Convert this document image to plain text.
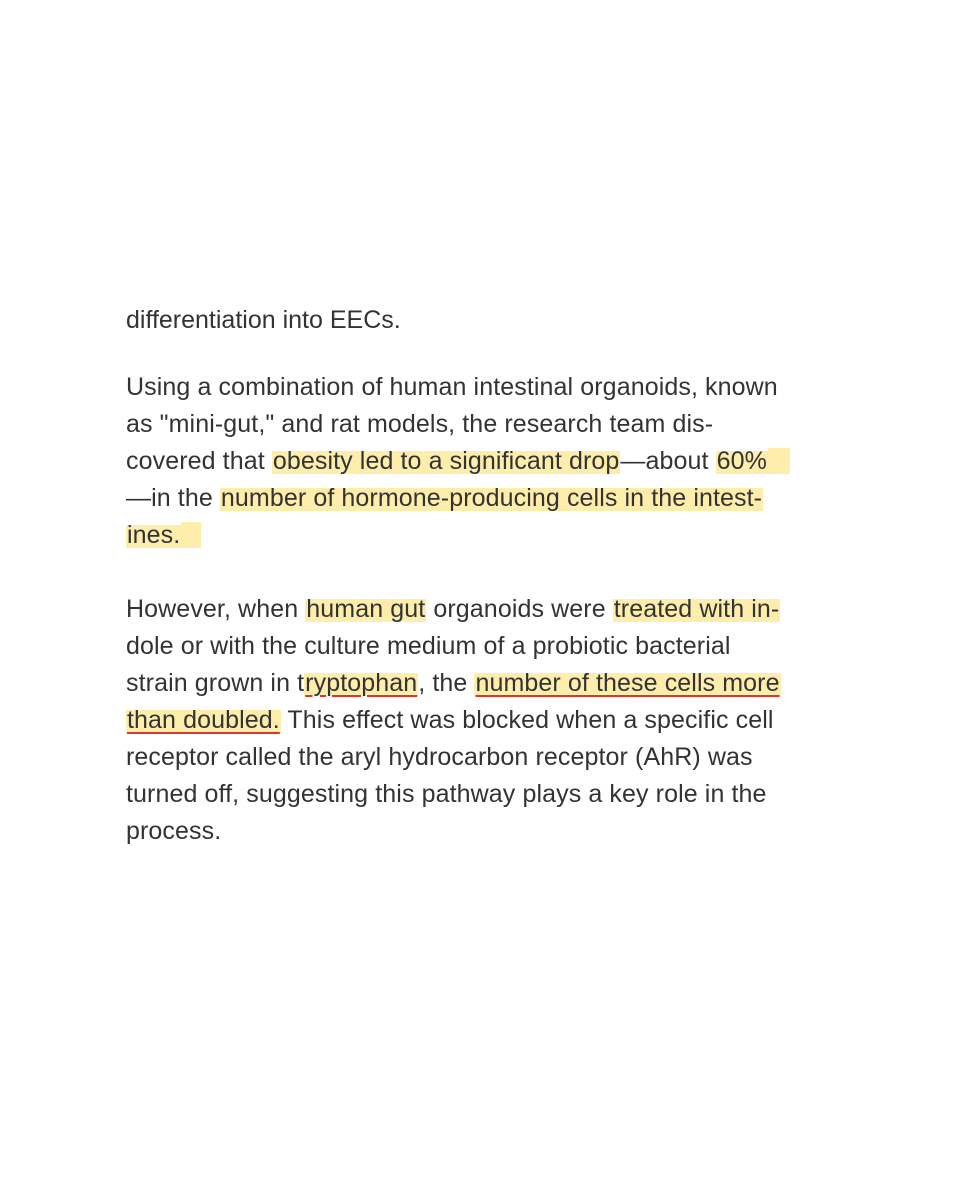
differentiation into EECs.
Using a combination of human intestinal organoids, known
as "mini-gut," and rat models, the research team dis-
covered that obesity led to a significant drop—about 60%
—in the number of hormone-producing cells in the intest-
ines.
However, when human gut organoids were treated with in-
dole or with the culture medium of a probiotic bacterial
strain grown in tryptophan, the number of these cells more
than doubled. This effect was blocked when a specific cell
receptor called the aryl hydrocarbon receptor (AhR) was
turned off, suggesting this pathway plays a key role in the
process.
